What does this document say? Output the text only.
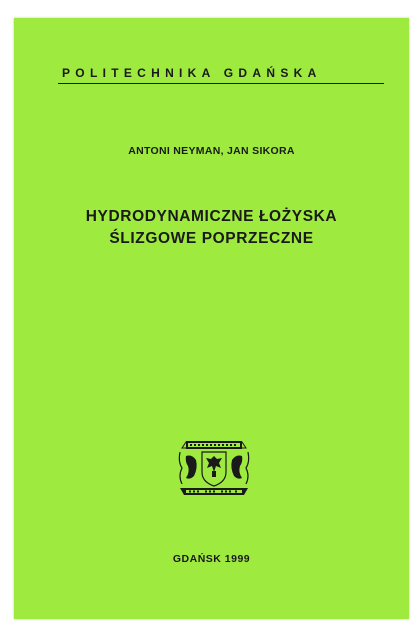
POLITECHNIKA GDAŃSKA
ANTONI NEYMAN, JAN SIKORA
HYDRODYNAMICZNE ŁOŻYSKA
ŚLIZGOWE POPRZECZNE
GDAŃSK 1999
